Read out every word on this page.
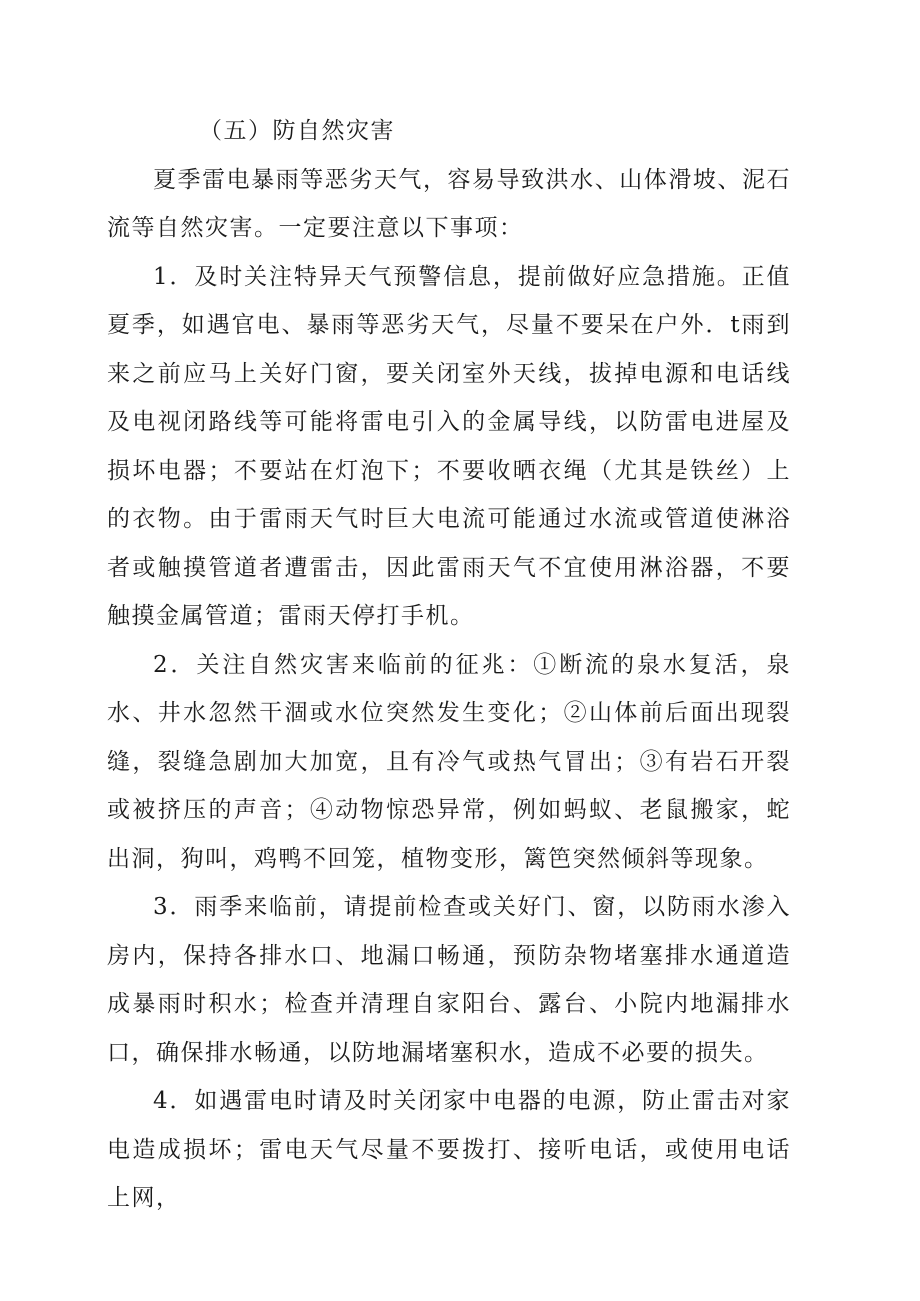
（五）防自然灾害

夏季雷电暴雨等恶劣天气，容易导致洪水、山体滑坡、泥石流等自然灾害。一定要注意以下事项：

1．及时关注特异天气预警信息，提前做好应急措施。正值夏季，如遇官电、暴雨等恶劣天气，尽量不要呆在户外．t雨到来之前应马上关好门窗，要关闭室外天线，拔掉电源和电话线及电视闭路线等可能将雷电引入的金属导线，以防雷电进屋及损坏电器；不要站在灯泡下；不要收晒衣绳（尤其是铁丝）上的衣物。由于雷雨天气时巨大电流可能通过水流或管道使淋浴者或触摸管道者遭雷击，因此雷雨天气不宜使用淋浴器，不要触摸金属管道；雷雨天停打手机。

2．关注自然灾害来临前的征兆：①断流的泉水复活，泉水、井水忽然干涸或水位突然发生变化；②山体前后面出现裂缝，裂缝急剧加大加宽，且有冷气或热气冒出；③有岩石开裂或被挤压的声音；④动物惊恐异常，例如蚂蚁、老鼠搬家，蛇出洞，狗叫，鸡鸭不回笼，植物变形，篱笆突然倾斜等现象。

3．雨季来临前，请提前检查或关好门、窗，以防雨水渗入房内，保持各排水口、地漏口畅通，预防杂物堵塞排水通道造成暴雨时积水；检查并清理自家阳台、露台、小院内地漏排水口，确保排水畅通，以防地漏堵塞积水，造成不必要的损失。

4．如遇雷电时请及时关闭家中电器的电源，防止雷击对家电造成损坏；雷电天气尽量不要拨打、接听电话，或使用电话上网，
